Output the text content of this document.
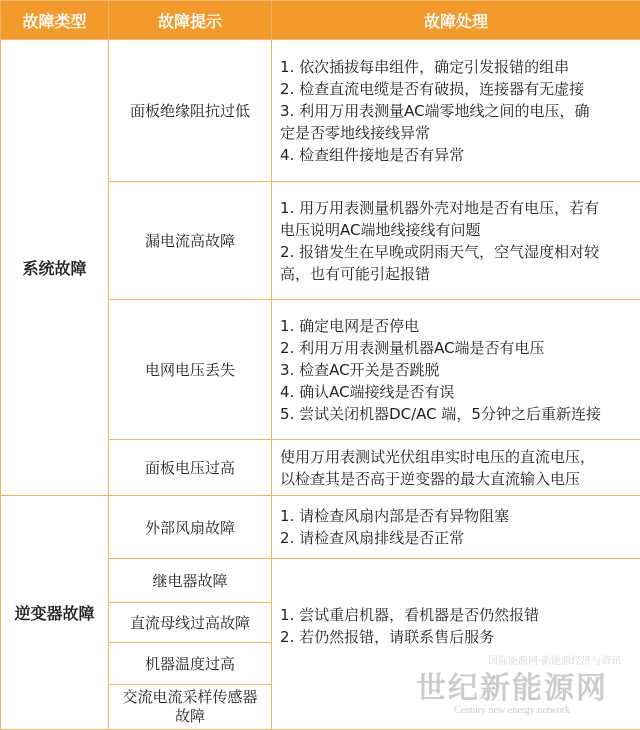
故障类型	故障提示	故障处理
系统故障	面板绝缘阻抗过低	1. 依次插拔每串组件，确定引发报错的组串
2. 检查直流电缆是否有破损，连接器有无虚接
3. 利用万用表测量AC端零地线之间的电压，确
定是否零地线接线异常
4. 检查组件接地是否有异常

	漏电流高故障	1. 用万用表测量机器外壳对地是否有电压，若有
电压说明AC端地线接线有问题
2. 报错发生在早晚或阴雨天气，空气湿度相对较
高，也有可能引起报错

	电网电压丢失	1. 确定电网是否停电
2. 利用万用表测量机器AC端是否有电压
3. 检查AC开关是否跳脱
4. 确认AC端接线是否有误
5. 尝试关闭机器DC/AC 端，5分钟之后重新连接

	面板电压过高	使用万用表测试光伏组串实时电压的直流电压，
以检查其是否高于逆变器的最大直流输入电压

逆变器故障	外部风扇故障	1. 请检查风扇内部是否有异物阻塞
2. 请检查风扇排线是否正常

	继电器故障	1. 尝试重启机器，看机器是否仍然报错
2. 若仍然报错，请联系售后服务

	直流母线过高故障	
	机器温度过高	

	交流电流采样传感器
故障	
国际能源网·新能源经济与资讯
世纪新能源网
Century new energy network
